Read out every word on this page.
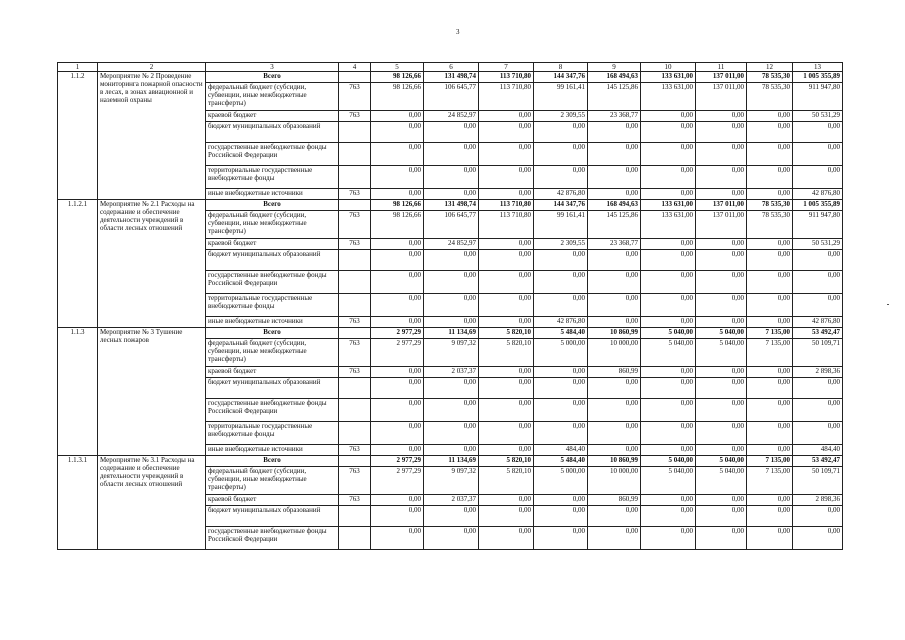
3
1	2	3	4	5	6	7	8	9	10	11	12	13
1.1.2	Мероприятие № 2 Проведение мониторинга пожарной опасности в лесах, в зонах авиационной и наземной охраны	Всего		98 126,66	131 498,74	113 710,80	144 347,76	168 494,63	133 631,00	137 011,00	78 535,30	1 005 355,89
		федеральный бюджет (субсидии, субвенции, иные межбюджетные трансферты)	763	98 126,66	106 645,77	113 710,80	99 161,41	145 125,86	133 631,00	137 011,00	78 535,30	911 947,80
		краевой бюджет	763	0,00	24 852,97	0,00	2 309,55	23 368,77	0,00	0,00	0,00	50 531,29
		бюджет муниципальных образований		0,00	0,00	0,00	0,00	0,00	0,00	0,00	0,00	0,00
		государственные внебюджетные фонды Российской Федерации		0,00	0,00	0,00	0,00	0,00	0,00	0,00	0,00	0,00
		территориальные государственные внебюджетные фонды		0,00	0,00	0,00	0,00	0,00	0,00	0,00	0,00	0,00
		иные внебюджетные источники	763	0,00	0,00	0,00	42 876,80	0,00	0,00	0,00	0,00	42 876,80
1.1.2.1	Мероприятие № 2.1 Расходы на содержание и обеспечение деятельности учреждений в области лесных отношений	Всего		98 126,66	131 498,74	113 710,80	144 347,76	168 494,63	133 631,00	137 011,00	78 535,30	1 005 355,89
		федеральный бюджет (субсидии, субвенции, иные межбюджетные трансферты)	763	98 126,66	106 645,77	113 710,80	99 161,41	145 125,86	133 631,00	137 011,00	78 535,30	911 947,80
		краевой бюджет	763	0,00	24 852,97	0,00	2 309,55	23 368,77	0,00	0,00	0,00	50 531,29
		бюджет муниципальных образований		0,00	0,00	0,00	0,00	0,00	0,00	0,00	0,00	0,00
		государственные внебюджетные фонды Российской Федерации		0,00	0,00	0,00	0,00	0,00	0,00	0,00	0,00	0,00
		территориальные государственные внебюджетные фонды		0,00	0,00	0,00	0,00	0,00	0,00	0,00	0,00	0,00
		иные внебюджетные источники	763	0,00	0,00	0,00	42 876,80	0,00	0,00	0,00	0,00	42 876,80
1.1.3	Мероприятие № 3 Тушение лесных пожаров	Всего		2 977,29	11 134,69	5 820,10	5 484,40	10 860,99	5 040,00	5 040,00	7 135,00	53 492,47
		федеральный бюджет (субсидии, субвенции, иные межбюджетные трансферты)	763	2 977,29	9 097,32	5 820,10	5 000,00	10 000,00	5 040,00	5 040,00	7 135,00	50 109,71
		краевой бюджет	763	0,00	2 037,37	0,00	0,00	860,99	0,00	0,00	0,00	2 898,36
		бюджет муниципальных образований		0,00	0,00	0,00	0,00	0,00	0,00	0,00	0,00	0,00
		государственные внебюджетные фонды Российской Федерации		0,00	0,00	0,00	0,00	0,00	0,00	0,00	0,00	0,00
		территориальные государственные внебюджетные фонды		0,00	0,00	0,00	0,00	0,00	0,00	0,00	0,00	0,00
		иные внебюджетные источники	763	0,00	0,00	0,00	484,40	0,00	0,00	0,00	0,00	484,40
1.1.3.1	Мероприятие № 3.1 Расходы на содержание и обеспечение деятельности учреждений в области лесных отношений	Всего		2 977,29	11 134,69	5 820,10	5 484,40	10 860,99	5 040,00	5 040,00	7 135,00	53 492,47
		федеральный бюджет (субсидии, субвенции, иные межбюджетные трансферты)	763	2 977,29	9 097,32	5 820,10	5 000,00	10 000,00	5 040,00	5 040,00	7 135,00	50 109,71
		краевой бюджет	763	0,00	2 037,37	0,00	0,00	860,99	0,00	0,00	0,00	2 898,36
		бюджет муниципальных образований		0,00	0,00	0,00	0,00	0,00	0,00	0,00	0,00	0,00
		государственные внебюджетные фонды Российской Федерации		0,00	0,00	0,00	0,00	0,00	0,00	0,00	0,00	0,00
